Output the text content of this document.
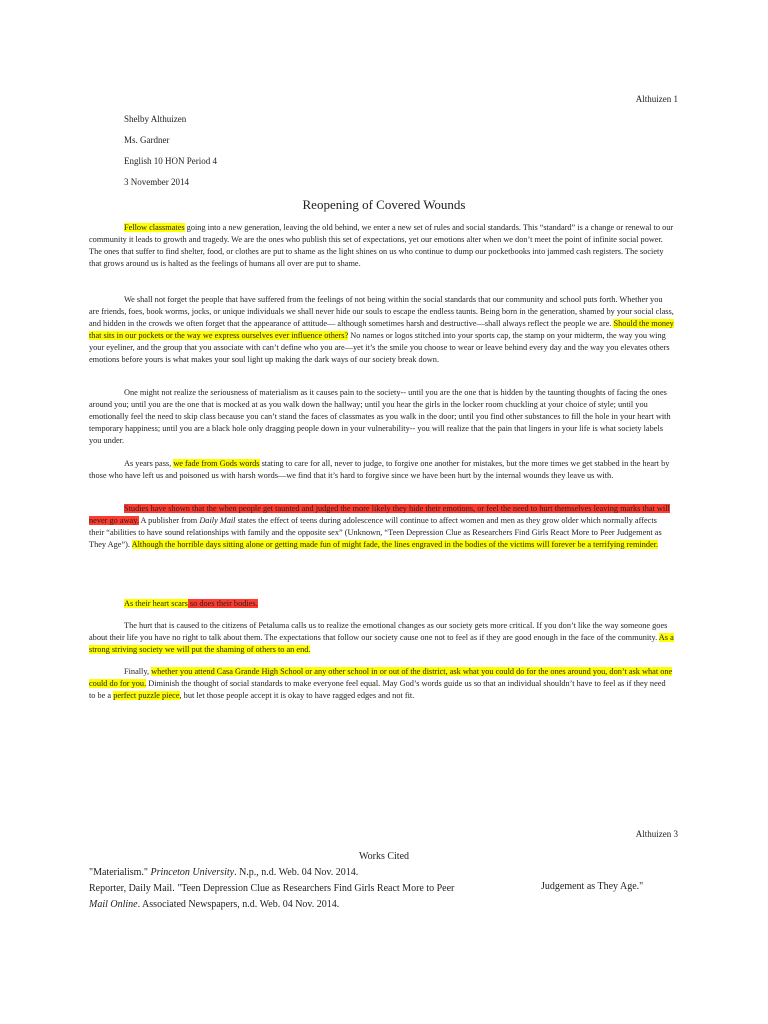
Althuizen 1
Shelby Althuizen
Ms. Gardner
English 10 HON Period 4
3 November 2014
Reopening of Covered Wounds

Fellow classmates going into a new generation, leaving the old behind, we enter a new set of rules and social standards. This “standard” is a change or renewal to our community it leads to growth and tragedy. We are the ones who publish this set of expectations, yet our emotions alter when we don’t meet the point of infinite social power. The ones that suffer to find shelter, food, or clothes are put to shame as the light shines on us who continue to dump our pocketbooks into jammed cash registers. The society that grows around us is halted as the feelings of humans all over are put to shame.

We shall not forget the people that have suffered from the feelings of not being within the social standards that our community and school puts forth. Whether you are friends, foes, book worms, jocks, or unique individuals we shall never hide our souls to escape the endless taunts. Being born in the generation, shamed by your social class, and hidden in the crowds we often forget that the appearance of attitude— although sometimes harsh and destructive—shall always reflect the people we are. Should the money that sits in our pockets or the way we express ourselves ever influence others? No names or logos stitched into your sports cap, the stamp on your midterm, the way you wing your eyeliner, and the group that you associate with can’t define who you are—yet it’s the smile you choose to wear or leave behind every day and the way you elevates others emotions before yours is what makes your soul light up making the dark ways of our society break down.

One might not realize the seriousness of materialism as it causes pain to the society-- until you are the one that is hidden by the taunting thoughts of facing the ones around you; until you are the one that is mocked at as you walk down the hallway; until you hear the girls in the locker room chuckling at your choice of style; until you emotionally feel the need to skip class because you can’t stand the faces of classmates as you walk in the door; until you find other substances to fill the hole in your heart with temporary happiness; until you are a black hole only dragging people down in your vulnerability-- you will realize that the pain that lingers in your life is what society labels you under.

As years pass, we fade from Gods words stating to care for all, never to judge, to forgive one another for mistakes, but the more times we get stabbed in the heart by those who have left us and poisoned us with harsh words—we find that it’s hard to forgive since we have been hurt by the internal wounds they leave us with.

Studies have shown that the when people get taunted and judged the more likely they hide their emotions, or feel the need to hurt themselves leaving marks that will never go away. A publisher from Daily Mail states the effect of teens during adolescence will continue to affect women and men as they grow older which normally affects their “abilities to have sound relationships with family and the opposite sex” (Unknown, “Teen Depression Clue as Researchers Find Girls React More to Peer Judgement as They Age”). Although the horrible days sitting alone or getting made fun of might fade, the lines engraved in the bodies of the victims will forever be a terrifying reminder.

As their heart scars so does their bodies.

The hurt that is caused to the citizens of Petaluma calls us to realize the emotional changes as our society gets more critical. If you don’t like the way someone goes about their life you have no right to talk about them. The expectations that follow our society cause one not to feel as if they are good enough in the face of the community. As a strong striving society we will put the shaming of others to an end.

Finally, whether you attend Casa Grande High School or any other school in or out of the district, ask what you could do for the ones around you, don’t ask what one could do for you. Diminish the thought of social standards to make everyone feel equal. May God’s words guide us so that an individual shouldn’t have to feel as if they need to be a perfect puzzle piece, but let those people accept it is okay to have ragged edges and not fit.

Althuizen 3
Works Cited

"Materialism." Princeton University. N.p., n.d. Web. 04 Nov. 2014.

Reporter, Daily Mail. "Teen Depression Clue as Researchers Find Girls React More to Peer	Judgement as They Age."

Mail Online. Associated Newspapers, n.d. Web. 04 Nov. 2014.
